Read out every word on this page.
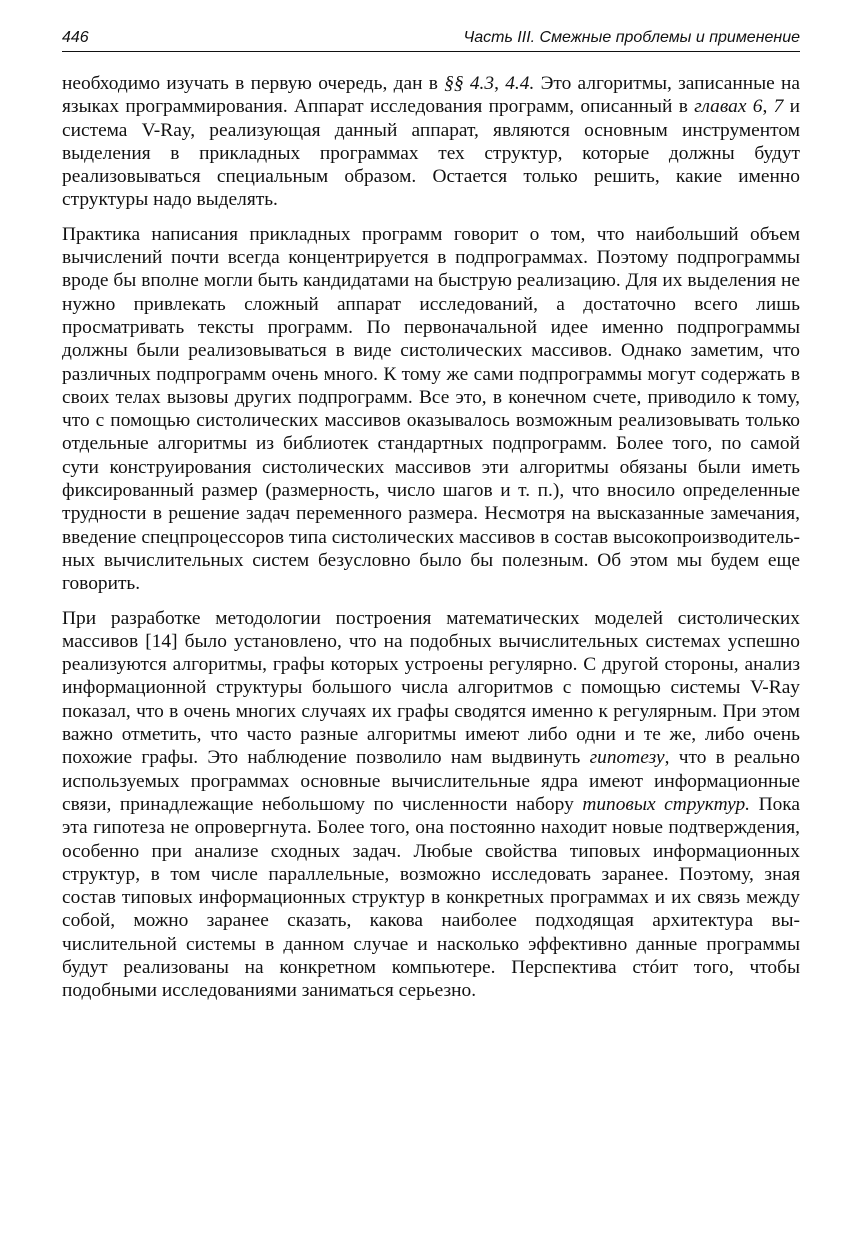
446	Часть III. Смежные проблемы и применение

необходимо изучать в первую очередь, дан в §§ 4.3, 4.4. Это алгоритмы, записанные на языках программирования. Аппарат исследования программ, описанный в главах 6, 7 и система V-Ray, реализующая данный аппарат, являются основным инструментом выделения в прикладных программах тех структур, которые должны будут реализовываться специальным образом. Остается только решить, какие именно структуры надо выделять.

Практика написания прикладных программ говорит о том, что наибольший объем вычислений почти всегда концентрируется в подпрограммах. Поэтому подпрограммы вроде бы вполне могли быть кандидатами на быструю реализацию. Для их выделения не нужно привлекать сложный аппарат исследований, а достаточно всего лишь просматривать тексты программ. По первоначальной идее именно подпрограммы должны были реализовываться в виде систолических массивов. Однако заметим, что различных подпрограмм очень много. К тому же сами подпрограммы могут содержать в своих телах вызовы других подпрограмм. Все это, в конечном счете, приводило к тому, что с помощью систолических массивов оказывалось возможным реализовывать только отдельные алгоритмы из библиотек стандартных подпрограмм. Более того, по самой сути конструирования систолических массивов эти алгоритмы обязаны были иметь фиксированный размер (размерность, число шагов и т. п.), что вносило определенные трудности в решение задач переменного размера. Несмотря на высказанные замечания, введение спецпроцессоров типа систолических массивов в состав высокопроизводительных вычислительных систем безусловно было бы полезным. Об этом мы будем еще говорить.

При разработке методологии построения математических моделей систолических массивов [14] было установлено, что на подобных вычислительных системах успешно реализуются алгоритмы, графы которых устроены регулярно. С другой стороны, анализ информационной структуры большого числа алгоритмов с помощью системы V-Ray показал, что в очень многих случаях их графы сводятся именно к регулярным. При этом важно отметить, что часто разные алгоритмы имеют либо одни и те же, либо очень похожие графы. Это наблюдение позволило нам выдвинуть гипотезу, что в реально используемых программах основные вычислительные ядра имеют информационные связи, принадлежащие небольшому по численности набору типовых структур. Пока эта гипотеза не опровергнута. Более того, она постоянно находит новые подтверждения, особенно при анализе сходных задач. Любые свойства типовых информационных структур, в том числе параллельные, возможно исследовать заранее. Поэтому, зная состав типовых информационных структур в конкретных программах и их связь между собой, можно заранее сказать, какова наиболее подходящая архитектура вычислительной системы в данном случае и насколько эффективно данные программы будут реализованы на конкретном компьютере. Перспектива стóит того, чтобы подобными исследованиями заниматься серьезно.
